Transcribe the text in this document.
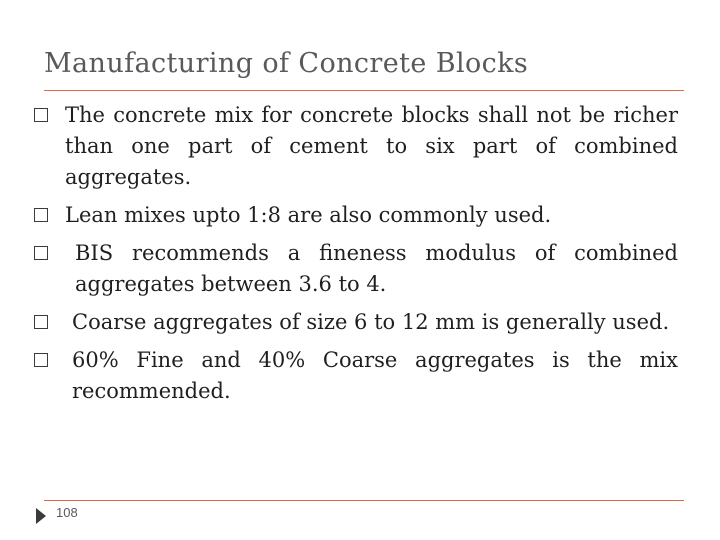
Manufacturing of Concrete Blocks
The concrete mix for concrete blocks shall not be richer than one part of cement to six part of combined aggregates.
Lean mixes upto 1:8 are also commonly used.
BIS recommends a fineness modulus of combined aggregates between 3.6 to 4.
Coarse aggregates of size 6 to 12 mm is generally used.
60% Fine and 40% Coarse aggregates is the mix recommended.
108
